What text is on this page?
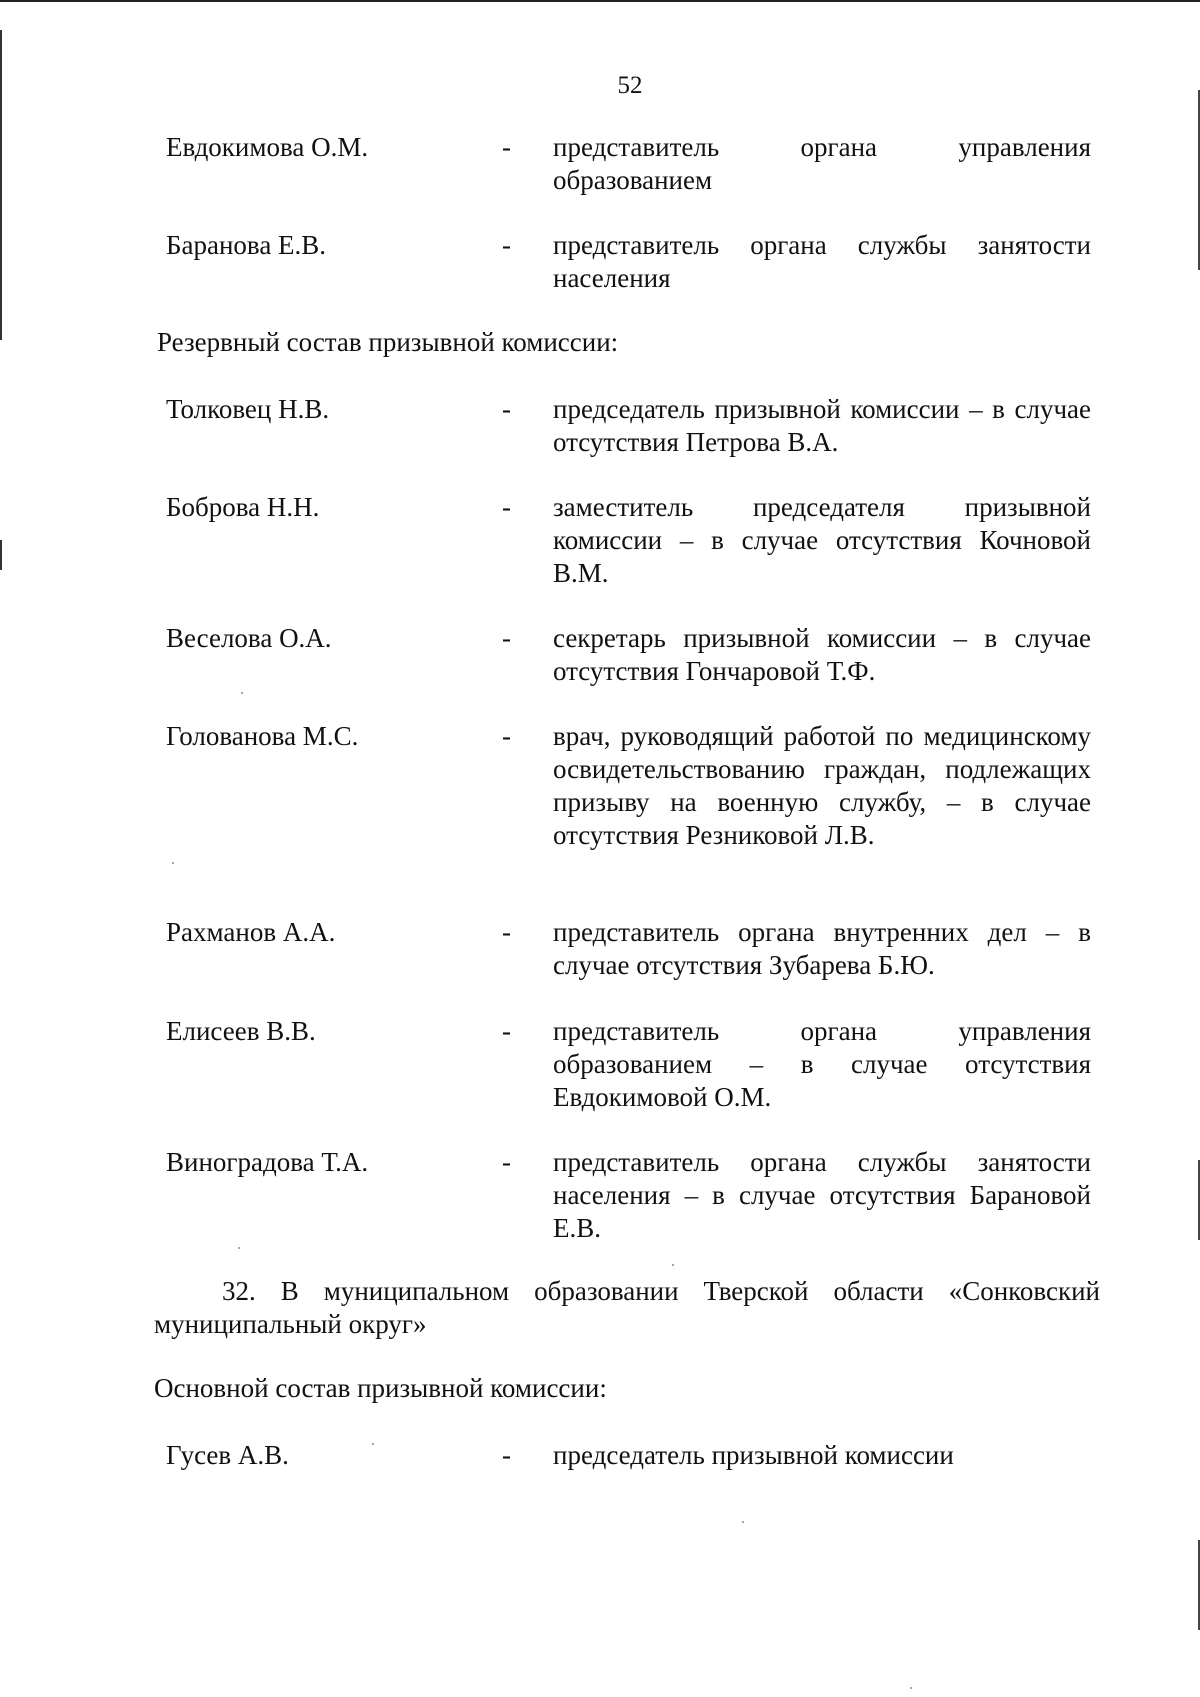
52
Евдокимова О.М.	- представитель органа управления образованием
Баранова Е.В.	- представитель органа службы занятости населения
Резервный состав призывной комиссии:
Толковец Н.В.	- председатель призывной комиссии – в случае отсутствия Петрова В.А.
Боброва Н.Н.	- заместитель председателя призывной комиссии – в случае отсутствия Кочновой В.М.
Веселова О.А.	- секретарь призывной комиссии – в случае отсутствия Гончаровой Т.Ф.
Голованова М.С.	- врач, руководящий работой по медицинскому освидетельствованию граждан, подлежащих призыву на военную службу, – в случае отсутствия Резниковой Л.В.
Рахманов А.А.	- представитель органа внутренних дел – в случае отсутствия Зубарева Б.Ю.
Елисеев В.В.	- представитель органа управления образованием – в случае отсутствия Евдокимовой О.М.
Виноградова Т.А.	- представитель органа службы занятости населения – в случае отсутствия Барановой Е.В.
32. В муниципальном образовании Тверской области «Сонковский муниципальный округ»
Основной состав призывной комиссии:
Гусев А.В.	- председатель призывной комиссии
